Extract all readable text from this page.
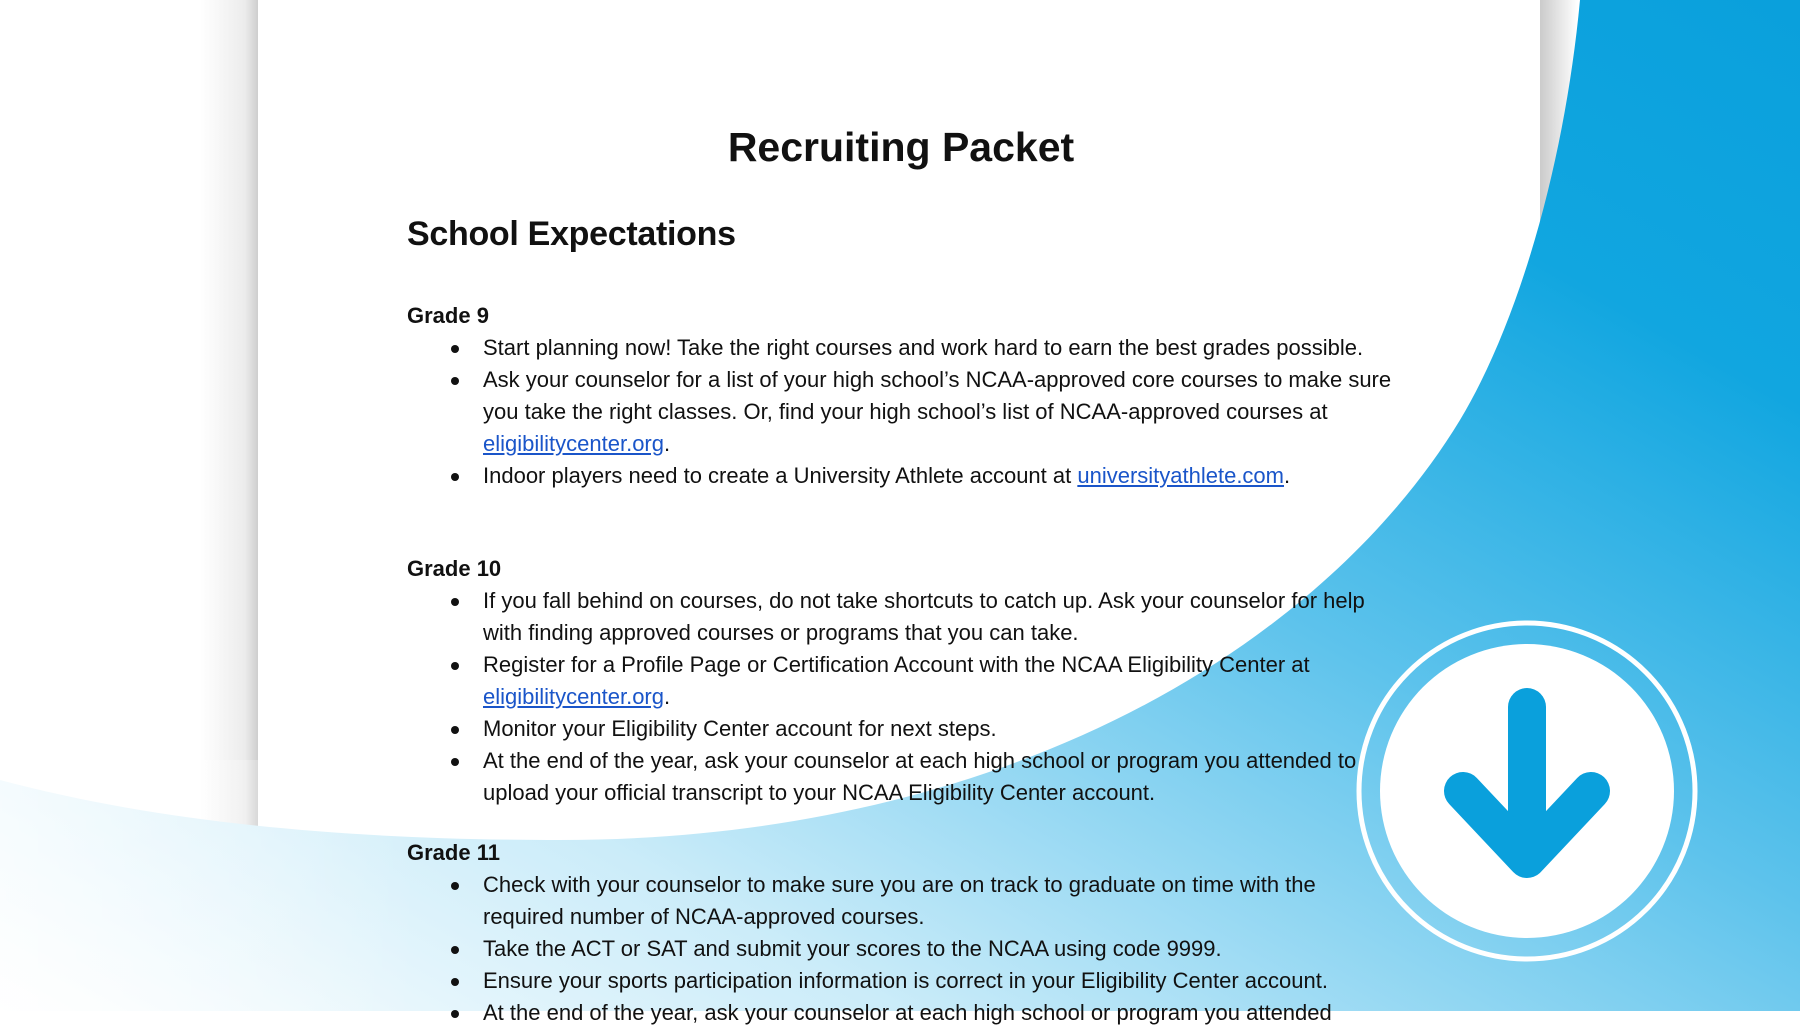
Recruiting Packet
School Expectations
Grade 9
Start planning now! Take the right courses and work hard to earn the best grades possible.
Ask your counselor for a list of your high school’s NCAA-approved core courses to make sure you take the right classes. Or, find your high school’s list of NCAA-approved courses at eligibilitycenter.org.
Indoor players need to create a University Athlete account at universityathlete.com.
Grade 10
If you fall behind on courses, do not take shortcuts to catch up. Ask your counselor for help with finding approved courses or programs that you can take.
Register for a Profile Page or Certification Account with the NCAA Eligibility Center at eligibilitycenter.org.
Monitor your Eligibility Center account for next steps.
At the end of the year, ask your counselor at each high school or program you attended to upload your official transcript to your NCAA Eligibility Center account.
Grade 11
Check with your counselor to make sure you are on track to graduate on time with the required number of NCAA-approved courses.
Take the ACT or SAT and submit your scores to the NCAA using code 9999.
Ensure your sports participation information is correct in your Eligibility Center account.
At the end of the year, ask your counselor at each high school or program you attended
